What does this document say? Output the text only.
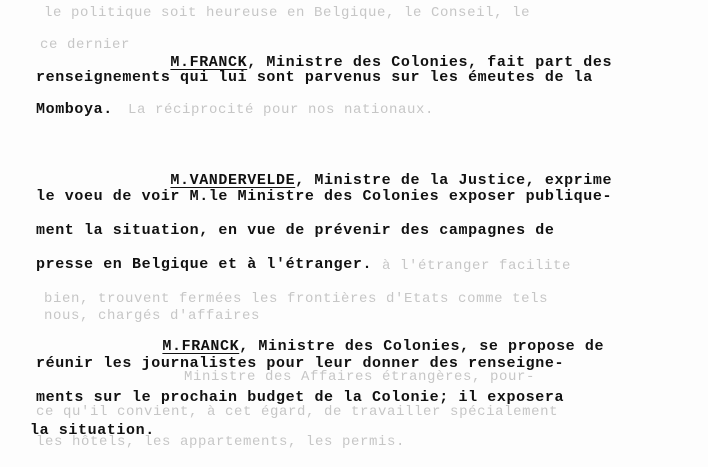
le politique soit heureuse en Belgique, le Conseil, le
ce dernier
La réciprocité pour nos nationaux.
à l'étranger facilite
bien, trouvent fermées les frontières d'Etats comme tels
nous, chargés d'affaires
Ministre des Affaires étrangères, pour-
ce qu'il convient, à cet égard, de travailler spécialement
les hôtels, les appartements, les permis.

M.FRANCK, Ministre des Colonies, fait part des

renseignements qui lui sont parvenus sur les émeutes de la
Momboya.

M.VANDERVELDE, Ministre de la Justice, exprime

le voeu de voir M.le Ministre des Colonies exposer publique-
ment la situation, en vue de prévenir des campagnes de
presse en Belgique et à l'étranger.

M.FRANCK, Ministre des Colonies, se propose de

réunir les journalistes pour leur donner des renseigne-
ments sur le prochain budget de la Colonie; il exposera
la situation.
